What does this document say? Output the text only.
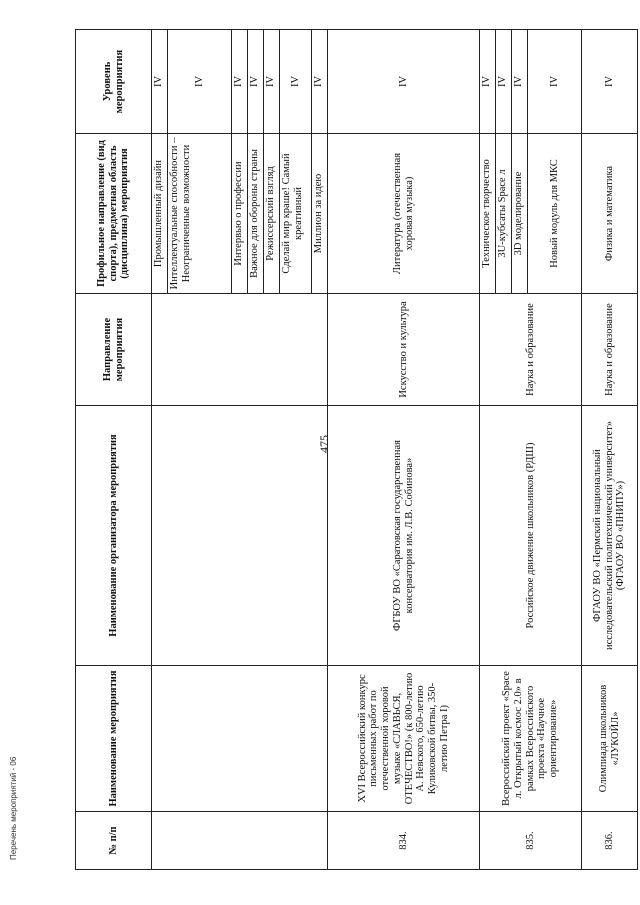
475
№ п/п	Наименование мероприятия	Наименование организатора мероприятия	Направление мероприятия	Профильное направление (вид спорта), предметная область (дисциплина) мероприятия	Уровень мероприятия
				Промышленный дизайн	IV
				Интеллектуальные способности – Неограниченные возможности	IV
				Интервью о профессии	IV
				Важное для обороны страны	IV
				Режиссерский взгляд	IV
				Сделай мир краше! Самый креативный	IV
				Миллион за идею	IV
834.	XVI Всероссийский конкурс письменных работ по отечественной хоровой музыке «СЛАВЬСЯ, ОТЕЧЕСТВО!» (к 800-летию А. Невского, 650-летию Куликовской битвы, 350-летию Петра I)	ФГБОУ ВО «Саратовская государственная консерватория им. Л.В. Собинова»	Искусство и культура	Литература (отечественная хоровая музыка)	IV
835.	Всероссийский проект «Space л. Открытый космос 2.0» в рамках Всероссийского проекта «Научное ориентирование»	Российское движение школьников (РДШ)	Наука и образование	Техническое творчество	IV
				3U-кубсаты Space л	IV
				3D моделирование	IV
				Новый модуль для МКС	IV
836.	Олимпиада школьников «ЛУКОЙЛ»	ФГАОУ ВО «Пермский национальный исследовательский политехнический университет» (ФГАОУ ВО «ПНИПУ»)	Наука и образование	Физика и математика	IV
Перечень мероприятий - 06
